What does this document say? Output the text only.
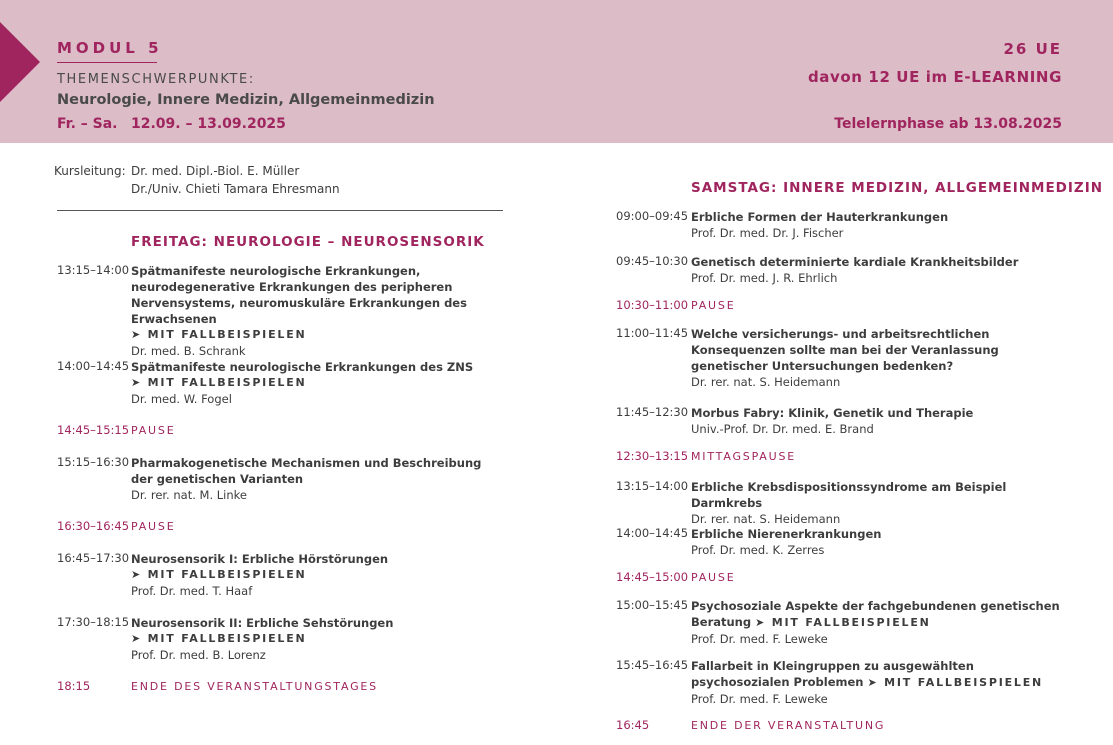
MODUL 5
THEMENSCHWERPUNKTE:
Neurologie, Innere Medizin, Allgemeinmedizin
Fr. – Sa. 12.09. – 13.09.2025
26 UE
davon 12 UE im E-LEARNING
Telelernphase ab 13.08.2025
Kursleitung: Dr. med. Dipl.-Biol. E. Müller
Dr./Univ. Chieti Tamara Ehresmann
FREITAG: NEUROLOGIE – NEUROSENSORIK
13:15–14:00 Spätmanifeste neurologische Erkrankungen, neurodegenerative Erkrankungen des peripheren Nervensystems, neuromuskuläre Erkrankungen des Erwachsenen
➤ MIT FALLBEISPIELEN
Dr. med. B. Schrank
14:00–14:45 Spätmanifeste neurologische Erkrankungen des ZNS
➤ MIT FALLBEISPIELEN
Dr. med. W. Fogel
14:45–15:15 PAUSE
15:15–16:30 Pharmakogenetische Mechanismen und Beschreibung der genetischen Varianten
Dr. rer. nat. M. Linke
16:30–16:45 PAUSE
16:45–17:30 Neurosensorik I: Erbliche Hörstörungen
➤ MIT FALLBEISPIELEN
Prof. Dr. med. T. Haaf
17:30–18:15 Neurosensorik II: Erbliche Sehstörungen
➤ MIT FALLBEISPIELEN
Prof. Dr. med. B. Lorenz
18:15	ENDE DES VERANSTALTUNGSTAGES
SAMSTAG: INNERE MEDIZIN, ALLGEMEINMEDIZIN
09:00–09:45 Erbliche Formen der Hauterkrankungen
Prof. Dr. med. Dr. J. Fischer
09:45–10:30 Genetisch determinierte kardiale Krankheitsbilder
Prof. Dr. med. J. R. Ehrlich
10:30–11:00 PAUSE
11:00–11:45 Welche versicherungs- und arbeitsrechtlichen Konsequenzen sollte man bei der Veranlassung genetischer Untersuchungen bedenken?
Dr. rer. nat. S. Heidemann
11:45–12:30 Morbus Fabry: Klinik, Genetik und Therapie
Univ.-Prof. Dr. Dr. med. E. Brand
12:30–13:15 MITTAGSPAUSE
13:15–14:00 Erbliche Krebsdispositionssyndrome am Beispiel Darmkrebs
Dr. rer. nat. S. Heidemann
14:00–14:45 Erbliche Nierenerkrankungen
Prof. Dr. med. K. Zerres
14:45–15:00 PAUSE
15:00–15:45 Psychosoziale Aspekte der fachgebundenen genetischen Beratung ➤ MIT FALLBEISPIELEN
Prof. Dr. med. F. Leweke
15:45–16:45 Fallarbeit in Kleingruppen zu ausgewählten psychosozialen Problemen ➤ MIT FALLBEISPIELEN
Prof. Dr. med. F. Leweke
16:45	ENDE DER VERANSTALTUNG
